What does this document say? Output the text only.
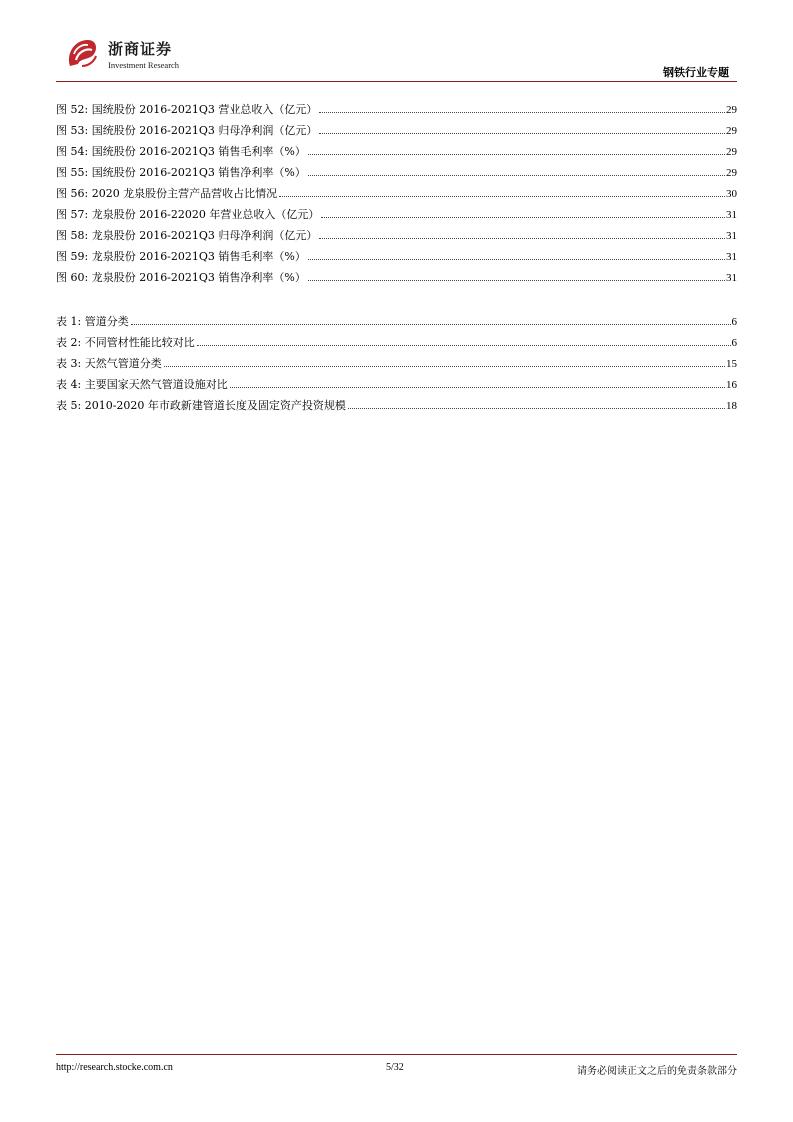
浙商证券
Investment Research
钢铁行业专题
图 52: 国统股份 2016-2021Q3 营业总收入（亿元）	29
图 53: 国统股份 2016-2021Q3 归母净利润（亿元）	29
图 54: 国统股份 2016-2021Q3 销售毛利率（%）	29
图 55: 国统股份 2016-2021Q3 销售净利率（%）	29
图 56: 2020 龙泉股份主营产品营收占比情况	30
图 57: 龙泉股份 2016-22020 年营业总收入（亿元）	31
图 58: 龙泉股份 2016-2021Q3 归母净利润（亿元）	31
图 59: 龙泉股份 2016-2021Q3 销售毛利率（%）	31
图 60: 龙泉股份 2016-2021Q3 销售净利率（%）	31
表 1: 管道分类	6
表 2: 不同管材性能比较对比	6
表 3: 天然气管道分类	15
表 4: 主要国家天然气管道设施对比	16
表 5: 2010-2020 年市政新建管道长度及固定资产投资规模	18
http://research.stocke.com.cn	5/32	请务必阅读正文之后的免责条款部分
